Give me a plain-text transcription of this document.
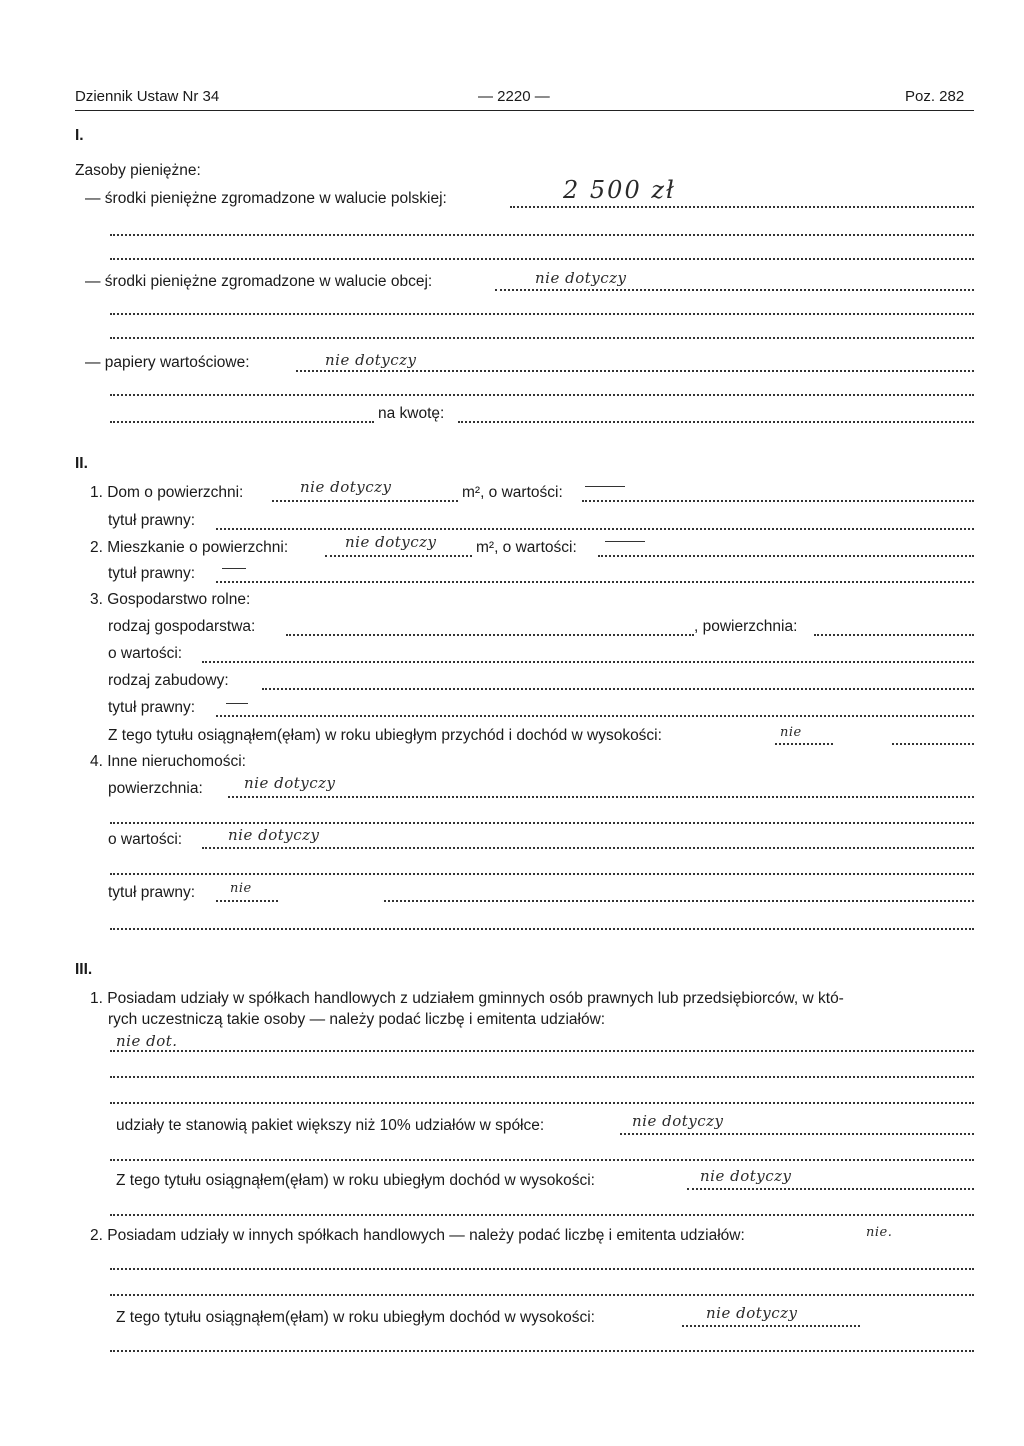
Dziennik Ustaw Nr 34	— 2220 —	Poz. 282
I.
Zasoby pieniężne:
— środki pieniężne zgromadzone w walucie polskiej:	2 500 zł
— środki pieniężne zgromadzone w walucie obcej:	nie dotyczy
— papiery wartościowe:	nie dotyczy
na kwotę:
II.
1. Dom o powierzchni:	nie dotyczy	m², o wartości:
tytuł prawny:
2. Mieszkanie o powierzchni:	nie dotyczy	m², o wartości:
tytuł prawny:
3. Gospodarstwo rolne:
rodzaj gospodarstwa:	, powierzchnia:
o wartości:
rodzaj zabudowy:
tytuł prawny:
Z tego tytułu osiągnąłem(ęłam) w roku ubiegłym przychód i dochód w wysokości:	nie
4. Inne nieruchomości:
powierzchnia:	nie dotyczy
o wartości:	nie dotyczy
tytuł prawny:	nie
III.
1. Posiadam udziały w spółkach handlowych z udziałem gminnych osób prawnych lub przedsiębiorców, w któ-
rych uczestniczą takie osoby — należy podać liczbę i emitenta udziałów:
nie dot.
udziały te stanowią pakiet większy niż 10% udziałów w spółce:	nie dotyczy
Z tego tytułu osiągnąłem(ęłam) w roku ubiegłym dochód w wysokości:	nie dotyczy
2. Posiadam udziały w innych spółkach handlowych — należy podać liczbę i emitenta udziałów:	nie.
Z tego tytułu osiągnąłem(ęłam) w roku ubiegłym dochód w wysokości:	nie dotyczy
